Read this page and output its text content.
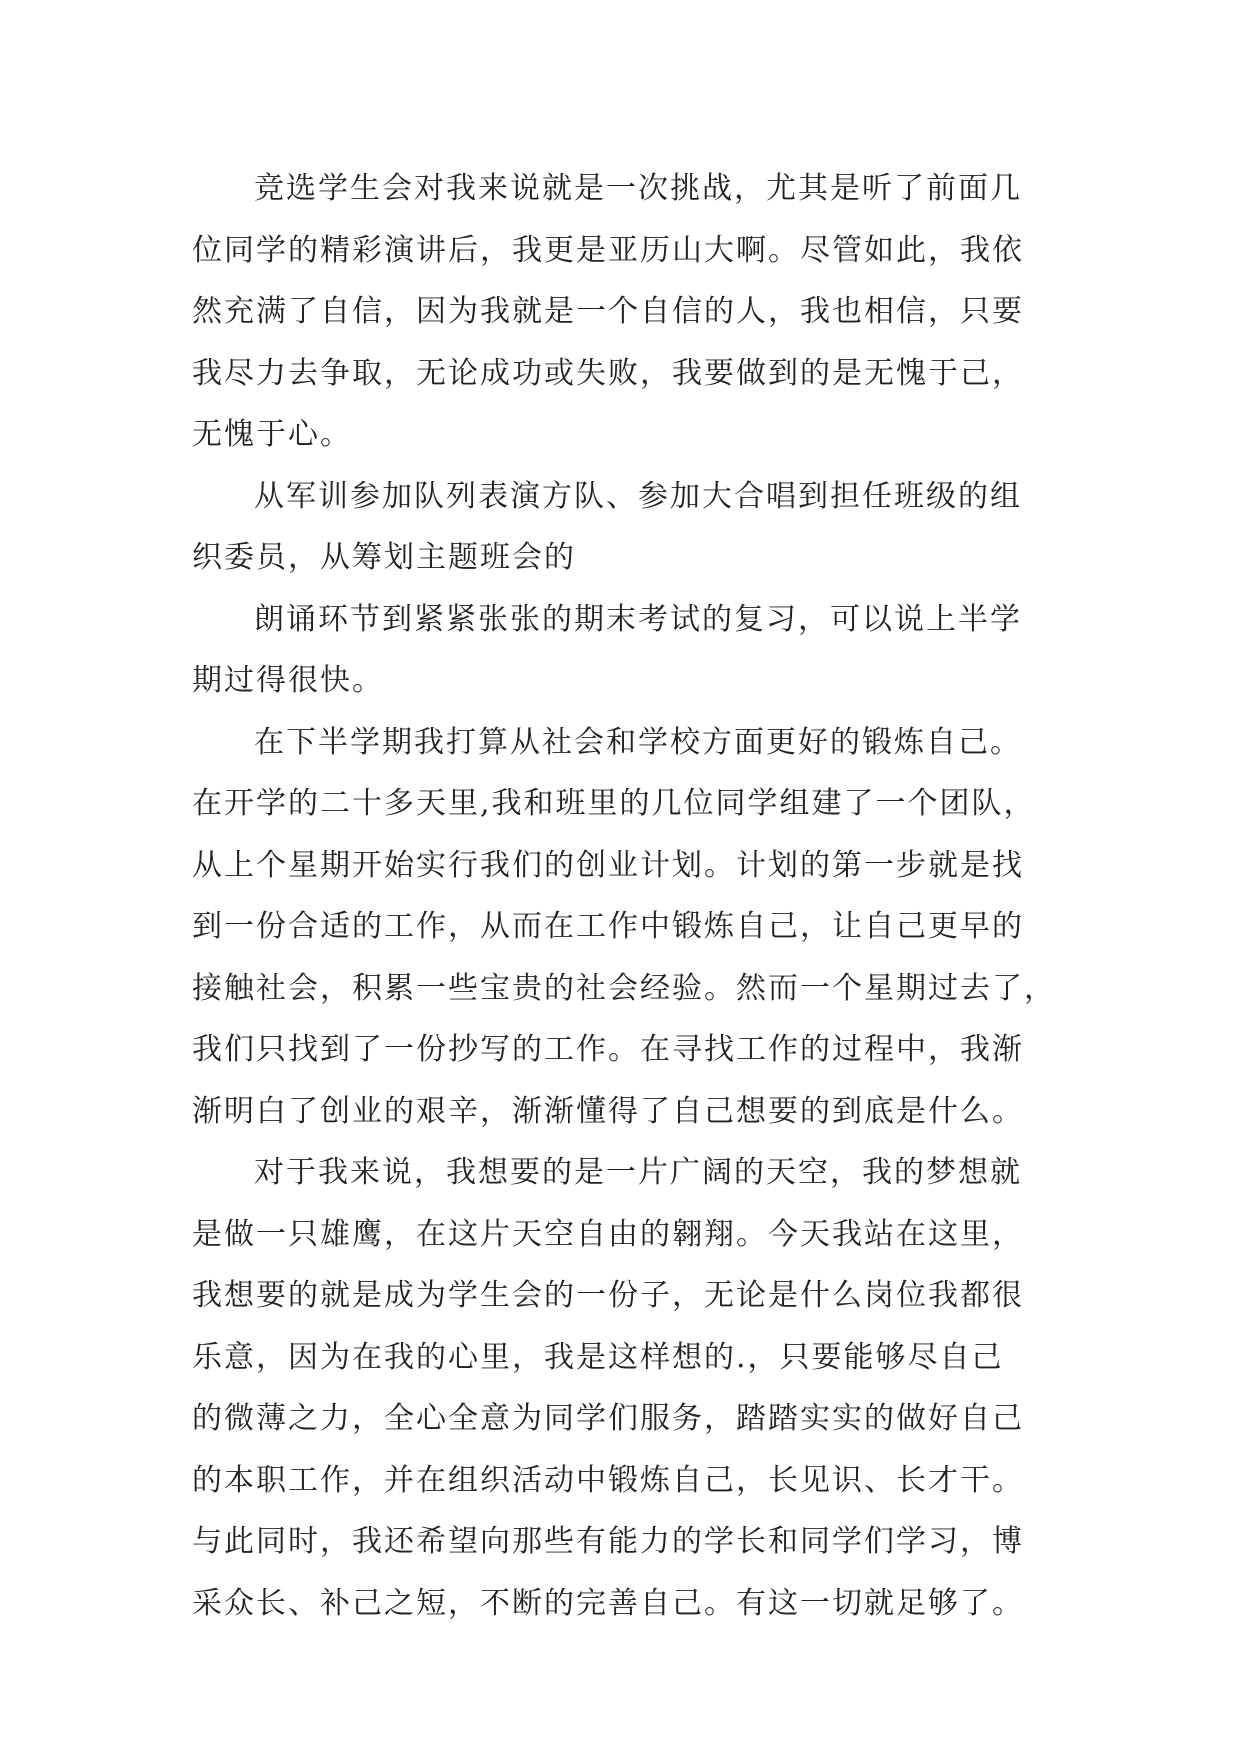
竞选学生会对我来说就是一次挑战，尤其是听了前面几
位同学的精彩演讲后，我更是亚历山大啊。尽管如此，我依
然充满了自信，因为我就是一个自信的人，我也相信，只要
我尽力去争取，无论成功或失败，我要做到的是无愧于己，
无愧于心。
从军训参加队列表演方队、参加大合唱到担任班级的组
织委员，从筹划主题班会的
朗诵环节到紧紧张张的期末考试的复习，可以说上半学
期过得很快。
在下半学期我打算从社会和学校方面更好的锻炼自己。
在开学的二十多天里,我和班里的几位同学组建了一个团队，
从上个星期开始实行我们的创业计划。计划的第一步就是找
到一份合适的工作，从而在工作中锻炼自己，让自己更早的
接触社会，积累一些宝贵的社会经验。然而一个星期过去了，
我们只找到了一份抄写的工作。在寻找工作的过程中，我渐
渐明白了创业的艰辛，渐渐懂得了自己想要的到底是什么。
对于我来说，我想要的是一片广阔的天空，我的梦想就
是做一只雄鹰，在这片天空自由的翱翔。今天我站在这里，
我想要的就是成为学生会的一份子，无论是什么岗位我都很
乐意，因为在我的心里，我是这样想的.，只要能够尽自己
的微薄之力，全心全意为同学们服务，踏踏实实的做好自己
的本职工作，并在组织活动中锻炼自己，长见识、长才干。
与此同时，我还希望向那些有能力的学长和同学们学习，博
采众长、补己之短，不断的完善自己。有这一切就足够了。
